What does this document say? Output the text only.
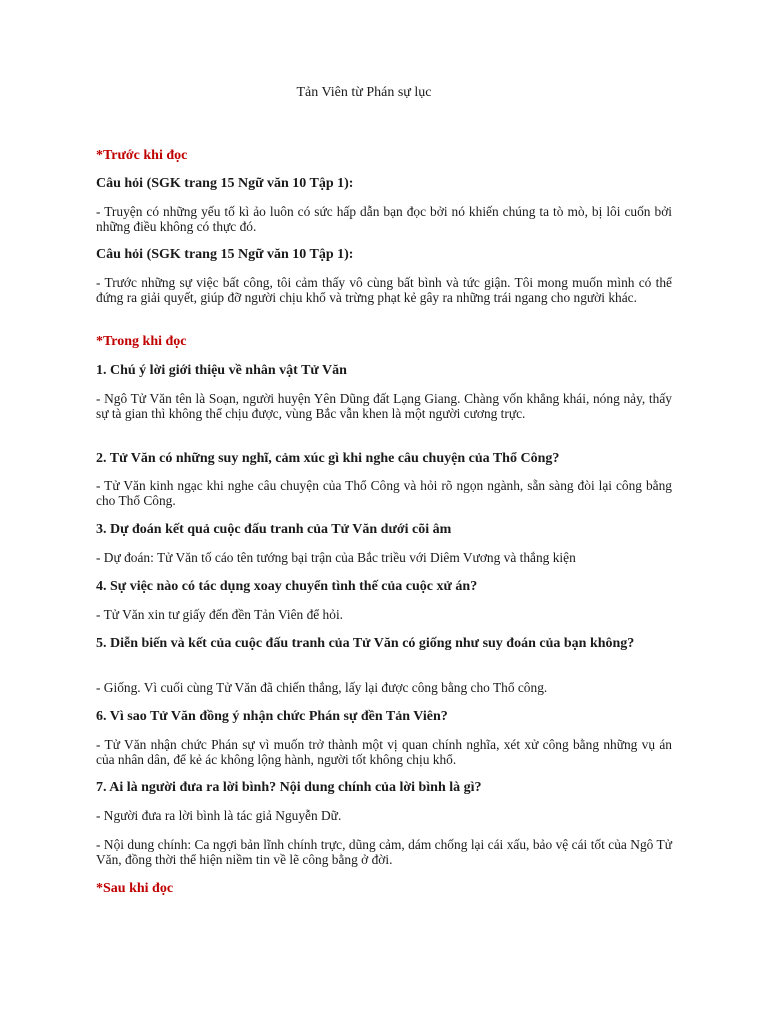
Tản Viên từ Phán sự lục

*Trước khi đọc

Câu hỏi (SGK trang 15 Ngữ văn 10 Tập 1):

- Truyện có những yếu tố kì ảo luôn có sức hấp dẫn bạn đọc bởi nó khiến chúng ta tò mò, bị lôi cuốn bởi những điều không có thực đó.

Câu hỏi (SGK trang 15 Ngữ văn 10 Tập 1):

- Trước những sự việc bất công, tôi cảm thấy vô cùng bất bình và tức giận. Tôi mong muốn mình có thể đứng ra giải quyết, giúp đỡ người chịu khổ và trừng phạt kẻ gây ra những trái ngang cho người khác.

*Trong khi đọc

1. Chú ý lời giới thiệu về nhân vật Tử Văn

- Ngô Tử Văn tên là Soạn, người huyện Yên Dũng đất Lạng Giang. Chàng vốn khẳng khái, nóng nảy, thấy sự tà gian thì không thể chịu được, vùng Bắc vẫn khen là một người cương trực.

2. Tử Văn có những suy nghĩ, cảm xúc gì khi nghe câu chuyện của Thổ Công?

- Tử Văn kinh ngạc khi nghe câu chuyện của Thổ Công và hỏi rõ ngọn ngành, sẵn sàng đòi lại công bằng cho Thổ Công.

3. Dự đoán kết quả cuộc đấu tranh của Tử Văn dưới cõi âm

- Dự đoán: Tử Văn tố cáo tên tướng bại trận của Bắc triều với Diêm Vương và thắng kiện

4. Sự việc nào có tác dụng xoay chuyển tình thế của cuộc xử án?

- Tử Văn xin tư giấy đến đền Tản Viên để hỏi.

5. Diễn biến và kết của cuộc đấu tranh của Tử Văn có giống như suy đoán của bạn không?

- Giống. Vì cuối cùng Tử Văn đã chiến thắng, lấy lại được công bằng cho Thổ công.

6. Vì sao Tử Văn đồng ý nhận chức Phán sự đền Tản Viên?

- Tử Văn nhận chức Phán sự vì muốn trở thành một vị quan chính nghĩa, xét xử công bằng những vụ án của nhân dân, để kẻ ác không lộng hành, người tốt không chịu khổ.

7. Ai là người đưa ra lời bình? Nội dung chính của lời bình là gì?

- Người đưa ra lời bình là tác giả Nguyễn Dữ.

- Nội dung chính: Ca ngợi bản lĩnh chính trực, dũng cảm, dám chống lại cái xấu, bảo vệ cái tốt của Ngô Tử Văn, đồng thời thể hiện niềm tin về lẽ công bằng ở đời.

*Sau khi đọc
